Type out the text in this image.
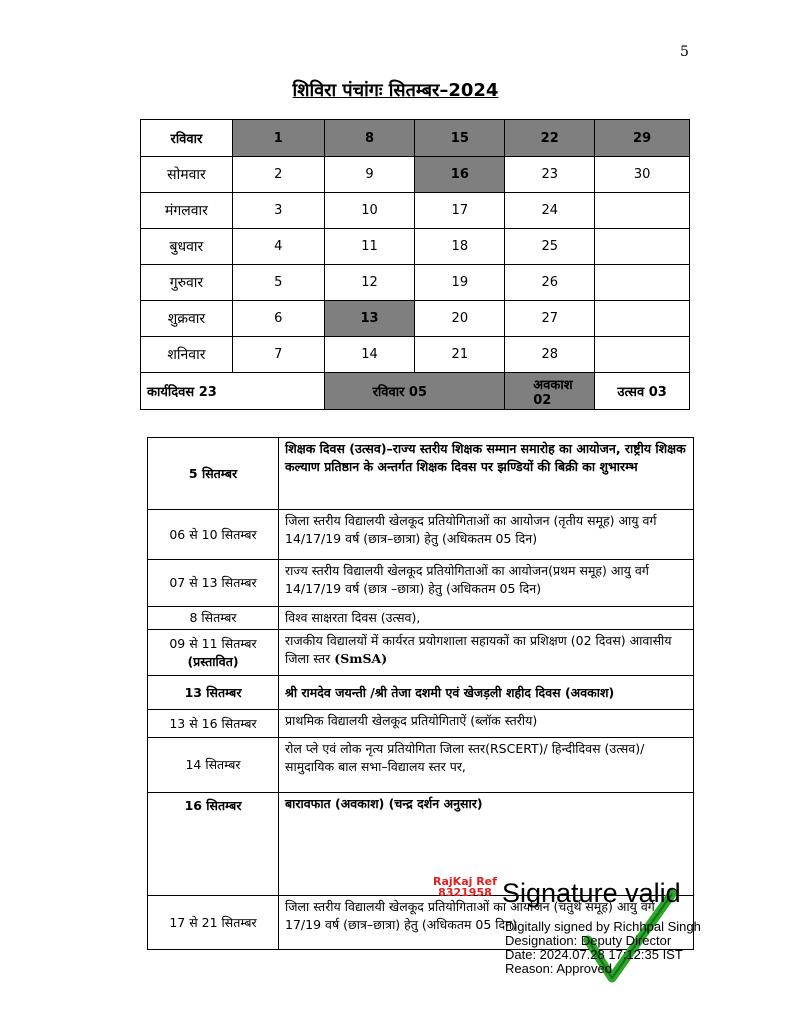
5
शिविरा पंचांगः सितम्बर–2024
रविवार	1	8	15	22	29
सोमवार	2	9	16	23	30
मंगलवार	3	10	17	24	
बुधवार	4	11	18	25	
गुरुवार	5	12	19	26	
शुक्रवार	6	13	20	27	
शनिवार	7	14	21	28	
कार्यदिवस 23		रविवार 05		अवकाश 02	उत्सव 03
5 सितम्बर	शिक्षक दिवस (उत्सव)–राज्य स्तरीय शिक्षक सम्मान समारोह का आयोजन, राष्ट्रीय शिक्षक कल्याण प्रतिष्ठान के अन्तर्गत शिक्षक दिवस पर झण्डियों की बिक्री का शुभारम्भ
06 से 10 सितम्बर	जिला स्तरीय विद्यालयी खेलकूद प्रतियोगिताओं का आयोजन (तृतीय समूह) आयु वर्ग 14/17/19 वर्ष (छात्र–छात्रा) हेतु (अधिकतम 05 दिन)
07 से 13 सितम्बर	राज्य स्तरीय विद्यालयी खेलकूद प्रतियोगिताओं का आयोजन(प्रथम समूह) आयु वर्ग 14/17/19 वर्ष (छात्र –छात्रा) हेतु (अधिकतम 05 दिन)
8 सितम्बर	विश्व साक्षरता दिवस (उत्सव),

09 से 11 सितम्बर
(प्रस्तावित)	राजकीय विद्यालयों में कार्यरत प्रयोगशाला सहायकों का प्रशिक्षण (02 दिवस) आवासीय जिला स्तर (SmSA)
13 सितम्बर	श्री रामदेव जयन्ती /श्री तेजा दशमी एवं खेजड़ली शहीद दिवस (अवकाश)
13 से 16 सितम्बर	प्राथमिक विद्यालयी खेलकूद प्रतियोगिताऐं (ब्लॉक स्तरीय)
14 सितम्बर	रोल प्ले एवं लोक नृत्य प्रतियोगिता जिला स्तर(RSCERT)/ हिन्दीदिवस (उत्सव)/सामुदायिक बाल सभा–विद्यालय स्तर पर,
16 सितम्बर	बारावफात (अवकाश) (चन्द्र दर्शन अनुसार)
17 से 21 सितम्बर	जिला स्तरीय विद्यालयी खेलकूद प्रतियोगिताओं का आयोजन (चतुर्थ समूह) आयु वर्ग 17/19 वर्ष (छात्र–छात्रा) हेतु (अधिकतम 05 दिन)
RajKaj Ref
8321958 Signature valid
Digitally signed by Richhpal Singh
Designation: Deputy Director
Date: 2024.07.28 17:12:35 IST
Reason: Approved
